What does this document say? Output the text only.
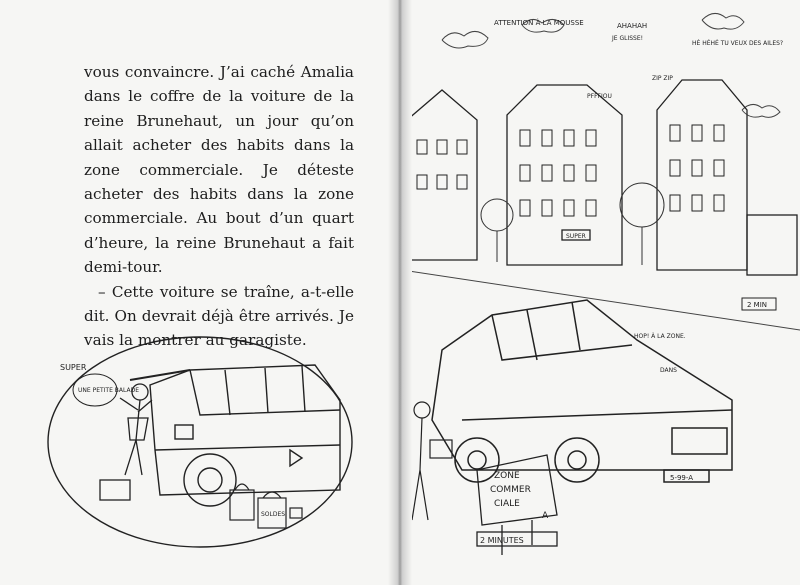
vous convaincre. J’ai caché Amalia dans le coffre de la voiture de la reine Brunehaut, un jour qu’on allait acheter des habits dans la zone commerciale. Je déteste acheter des habits dans la zone commerciale. Au bout d’un quart d’heure, la reine Brunehaut a fait demi-tour.

– Cette voiture se traîne, a-t-elle dit. On devrait déjà être arrivés. Je vais la montrer au garagiste.

SUPER
UNE PETITE BALADE
SOLDES
ZONE
COMMER
CIALE
A
2 MINUTES
5-99-A
ATTENTION À LA MOUSSE	AHAHAH
JE GLISSE!
HÉ HÉHÉ TU VEUX DES AILES?
ZIP ZIP
PFFFIOU
SUPER
HOP! À LA ZONE.
DANS
2 MIN
